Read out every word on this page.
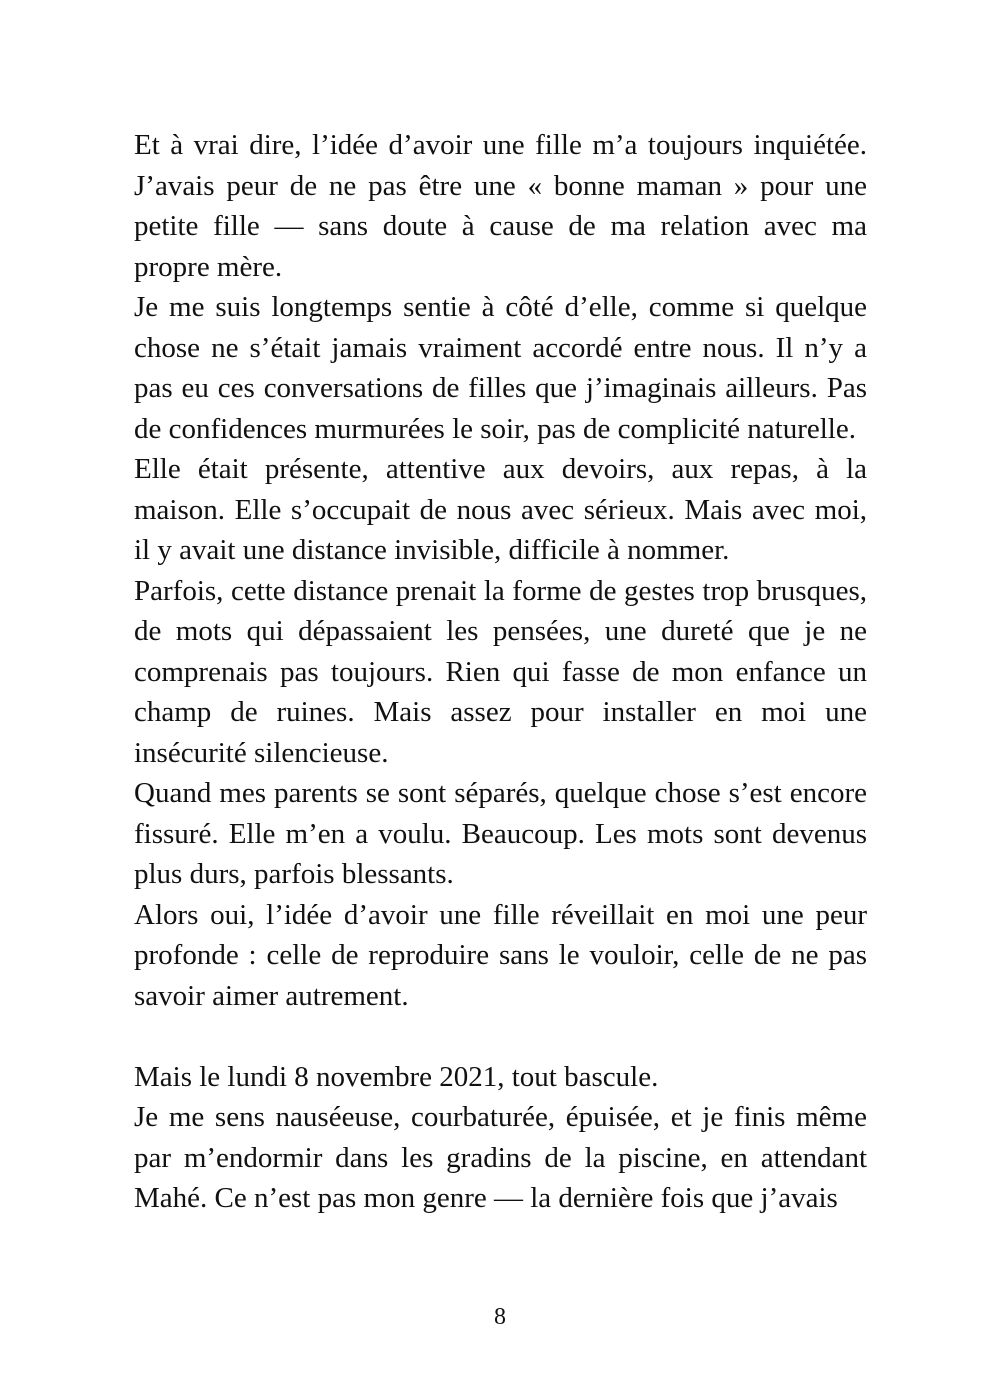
Et à vrai dire, l’idée d’avoir une fille m’a toujours inquiétée. J’avais peur de ne pas être une « bonne maman » pour une petite fille — sans doute à cause de ma relation avec ma propre mère.

Je me suis longtemps sentie à côté d’elle, comme si quelque chose ne s’était jamais vraiment accordé entre nous. Il n’y a pas eu ces conversations de filles que j’imaginais ailleurs. Pas de confidences murmurées le soir, pas de complicité naturelle.

Elle était présente, attentive aux devoirs, aux repas, à la maison. Elle s’occupait de nous avec sérieux. Mais avec moi, il y avait une distance invisible, difficile à nommer.

Parfois, cette distance prenait la forme de gestes trop brusques, de mots qui dépassaient les pensées, une dureté que je ne comprenais pas toujours. Rien qui fasse de mon enfance un champ de ruines. Mais assez pour installer en moi une insécurité silencieuse.

Quand mes parents se sont séparés, quelque chose s’est encore fissuré. Elle m’en a voulu. Beaucoup. Les mots sont devenus plus durs, parfois blessants.

Alors oui, l’idée d’avoir une fille réveillait en moi une peur profonde : celle de reproduire sans le vouloir, celle de ne pas savoir aimer autrement.

Mais le lundi 8 novembre 2021, tout bascule.

Je me sens nauséeuse, courbaturée, épuisée, et je finis même par m’endormir dans les gradins de la piscine, en attendant Mahé. Ce n’est pas mon genre — la dernière fois que j’avais

8
